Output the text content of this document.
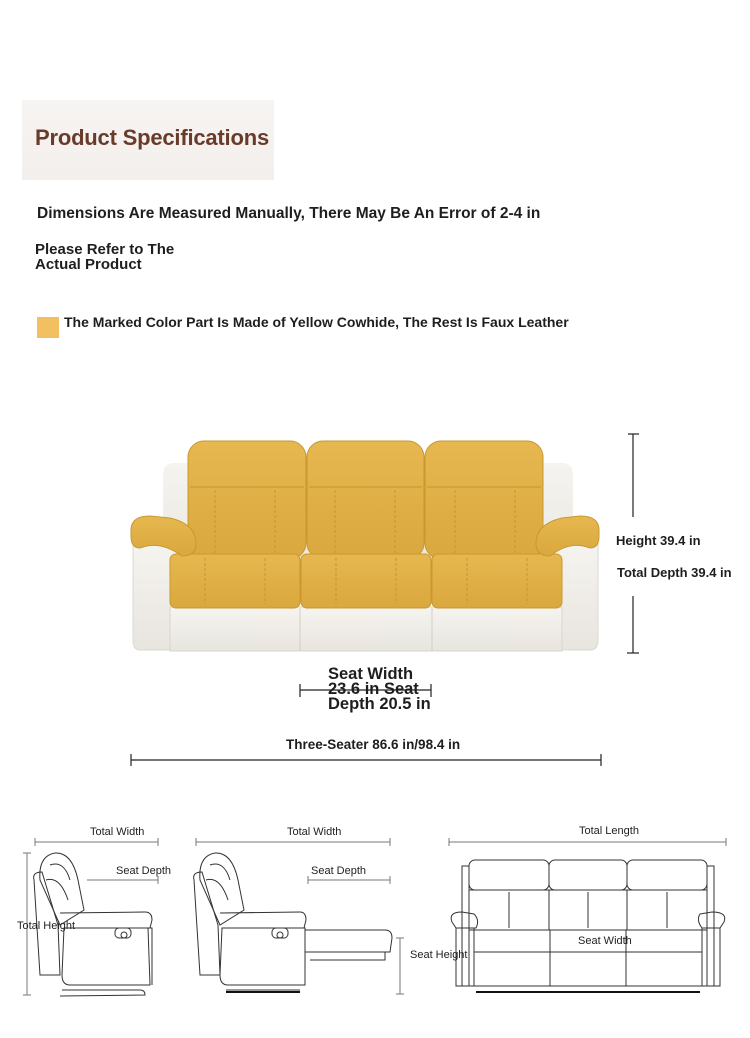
Product Specifications
Dimensions Are Measured Manually, There May Be An Error of 2-4 in
Please Refer to The
Actual Product
The Marked Color Part Is Made of Yellow Cowhide, The Rest Is Faux Leather
Height 39.4 in
Total Depth 39.4 in
Seat Width
23.6 in Seat
Depth 20.5 in
Three-Seater 86.6 in/98.4 in
Total Width
Seat Depth
Total Height
Total Width
Seat Depth
Seat Height
Total Length
Seat Width
